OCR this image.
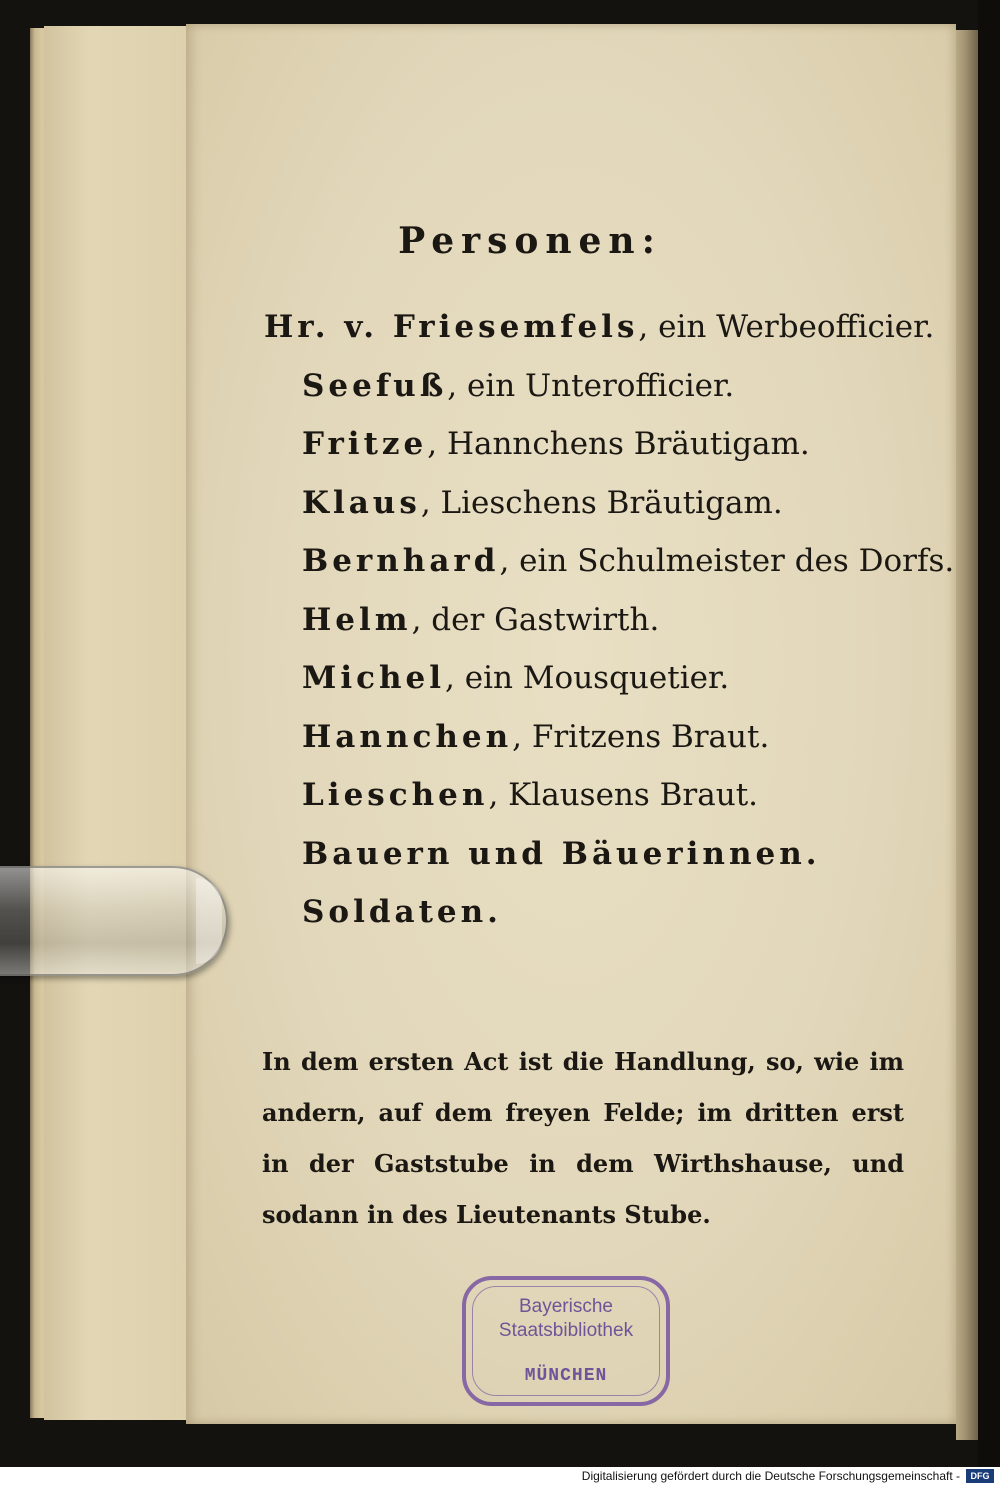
Personen:
Hr. v. Friesemfels, ein Werbeofficier.
Seefuß, ein Unterofficier.
Fritze, Hannchens Bräutigam.
Klaus, Lieschens Bräutigam.
Bernhard, ein Schulmeister des Dorfs.
Helm, der Gastwirth.
Michel, ein Mousquetier.
Hannchen, Fritzens Braut.
Lieschen, Klausens Braut.
Bauern und Bäuerinnen.
Soldaten.

In dem ersten Act ist die Handlung, so, wie im andern, auf dem freyen Felde; im dritten erst in der Gaststube in dem Wirthshause, und sodann in des Lieutenants Stube.

Bayerische
Staatsbibliothek
MÜNCHEN
Digitalisierung gefördert durch die Deutsche Forschungsgemeinschaft -	DFG
